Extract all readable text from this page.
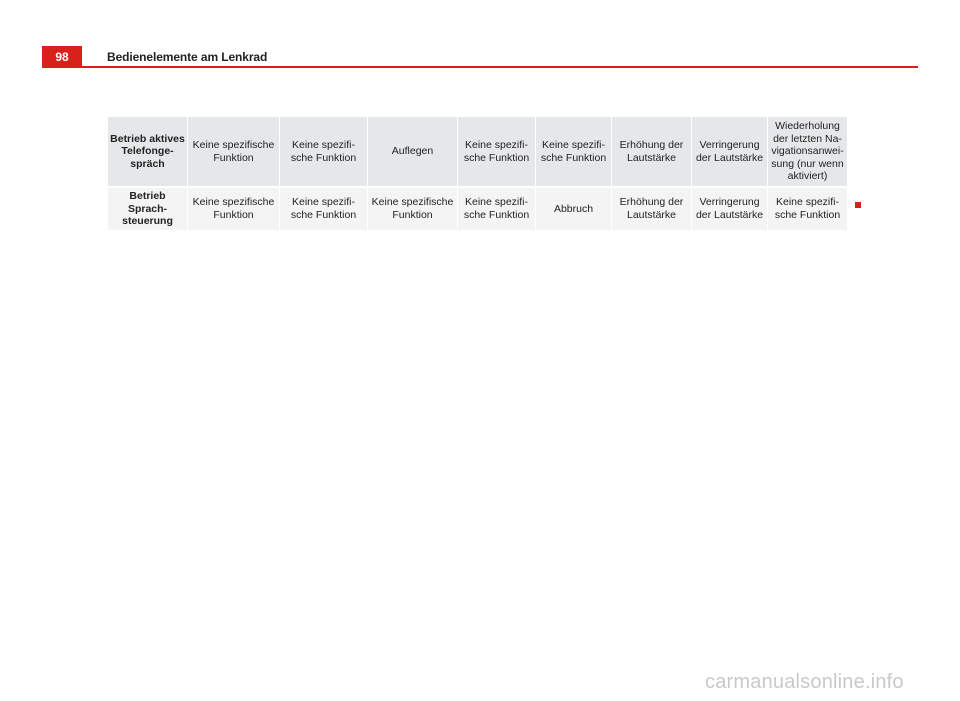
98	Bedienelemente am Lenkrad
Betrieb aktives Telefonge-spräch	Keine spezifische Funktion	Keine spezifi-sche Funktion	Auflegen	Keine spezifi-sche Funktion	Keine spezifi-sche Funktion	Erhöhung der Lautstärke	Verringerung der Lautstärke	Wiederholung der letzten Na-vigationsanwei-sung (nur wenn aktiviert)
Betrieb Sprach-steuerung	Keine spezifische Funktion	Keine spezifi-sche Funktion	Keine spezifische Funktion	Keine spezifi-sche Funktion	Abbruch	Erhöhung der Lautstärke	Verringerung der Lautstärke	Keine spezifi-sche Funktion
carmanualsonline.info
